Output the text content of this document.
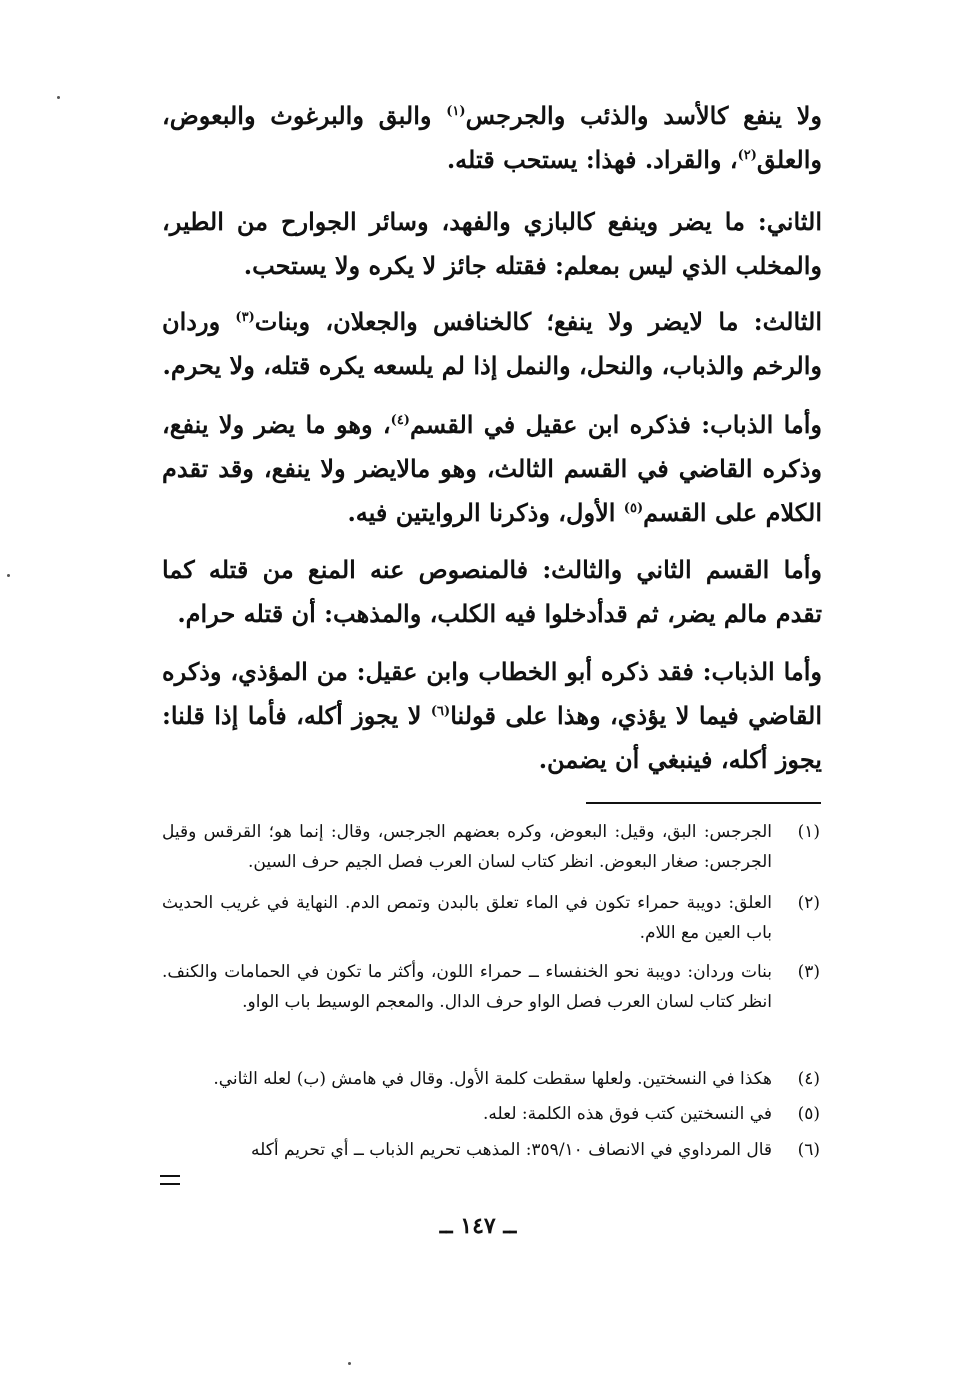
ولا ينفع كالأسد والذئب والجرجس$^{(١)}$ والبق والبرغوث والبعوض، والعلق$^{(٢)}$، والقراد. فهذا: يستحب قتله.

الثاني: ما يضر وينفع كالبازي والفهد، وسائر الجوارح من الطير، والمخلب الذي ليس بمعلم: فقتله جائز لا يكره ولا يستحب.

الثالث: ما لايضر ولا ينفع؛ كالخنافس والجعلان، وبنات$^{(٣)}$ وردان والرخم والذباب، والنحل، والنمل إذا لم يلسعه يكره قتله، ولا يحرم.

وأما الذباب: فذكره ابن عقيل في القسم$^{(٤)}$، وهو ما يضر ولا ينفع، وذكره القاضي في القسم الثالث، وهو مالايضر ولا ينفع، وقد تقدم الكلام على القسم$^{(٥)}$ الأول، وذكرنا الروايتين فيه.

وأما القسم الثاني والثالث: فالمنصوص عنه المنع من قتله كما تقدم مالم يضر، ثم قدأدخلوا فيه الكلب، والمذهب: أن قتله حرام.

وأما الذباب: فقد ذكره أبو الخطاب وابن عقيل: من المؤذي، وذكره القاضي فيما لا يؤذي، وهذا على قولنا$^{(٦)}$ لا يجوز أكله، فأما إذا قلنا: يجوز أكله، فينبغي أن يضمن.

(١)
الجرجس: البق، وقيل: البعوض، وكره بعضهم الجرجس، وقال: إنما هو؛ القرقس وقيل الجرجس: صغار البعوض. انظر كتاب لسان العرب فصل الجيم حرف السين.
(٢)
العلق: دويبة حمراء تكون في الماء تعلق بالبدن وتمص الدم. النهاية في غريب الحديث باب العين مع اللام.
(٣)
بنات وردان: دويبة نحو الخنفساء ــ حمراء اللون، وأكثر ما تكون في الحمامات والكنف. انظر كتاب لسان العرب فصل الواو حرف الدال. والمعجم الوسيط باب الواو.
(٤)
هكذا في النسختين. ولعلها سقطت كلمة الأول. وقال في هامش (ب) لعله الثاني.
(٥)
في النسختين كتب فوق هذه الكلمة: لعله.
(٦)
قال المرداوي في الانصاف ٣٥٩/١٠: المذهب تحريم الذباب ــ أي تحريم أكله
ــ ١٤٧ ــ
